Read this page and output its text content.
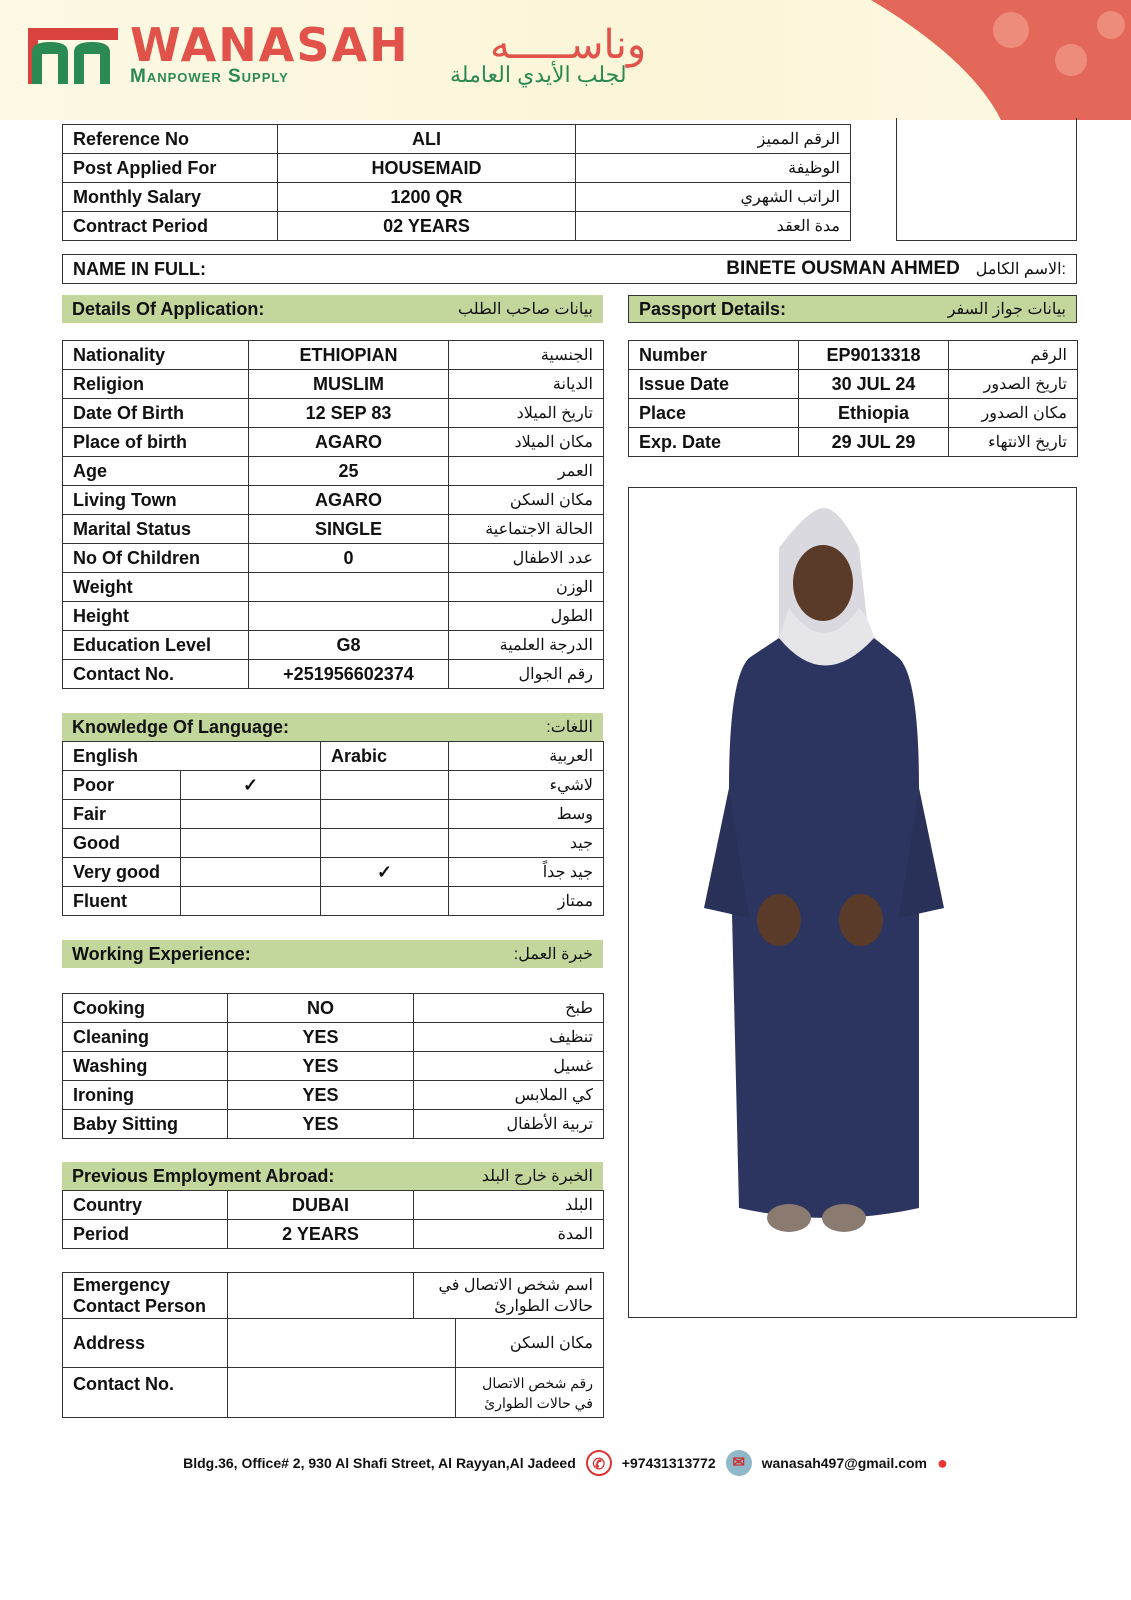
WANASAH وناســـــه
Manpower Supply	لجلب الأيدي العاملة
Reference No	ALI	الرقم المميز
Post Applied For	HOUSEMAID	الوظيفة
Monthly Salary	1200 QR	الراتب الشهري
Contract Period	02 YEARS	مدة العقد
NAME IN FULL:	BINETE OUSMAN AHMED الاسم الكامل:
Details Of Application:	بيانات صاحب الطلب
Nationality	ETHIOPIAN	الجنسية
Religion	MUSLIM	الديانة
Date Of Birth	12 SEP 83	تاريخ الميلاد
Place of birth	AGARO	مكان الميلاد
Age	25	العمر
Living Town	AGARO	مكان السكن
Marital Status	SINGLE	الحالة الاجتماعية
No Of Children	0	عدد الاطفال
Weight		الوزن
Height		الطول
Education Level	G8	الدرجة العلمية
Contact No.	+251956602374	رقم الجوال
Passport Details:	بيانات جواز السفر
Number	EP9013318	الرقم
Issue Date	30 JUL 24	تاريخ الصدور
Place	Ethiopia	مكان الصدور
Exp. Date	29 JUL 29	تاريخ الانتهاء
Knowledge Of Language:	اللغات:
English		Arabic	العربية
Poor	✓		لاشيء
Fair			وسط
Good			جيد
Very good		✓	جيد جداً
Fluent			ممتاز
Working Experience:	خبرة العمل:
Cooking	NO	طبخ
Cleaning	YES	تنظيف
Washing	YES	غسيل
Ironing	YES	كي الملابس
Baby Sitting	YES	تربية الأطفال
Previous Employment Abroad:	الخبرة خارج البلد
Country	DUBAI	البلد
Period	2 YEARS	المدة
Emergency Contact Person		اسم شخص الاتصال في حالات الطوارئ	
Address			مكان السكن
Contact No.			رقم شخص الاتصال في حالات الطوارئ
Bldg.36, Office# 2, 930 Al Shafi Street, Al Rayyan,Al Jadeed	✆	+97431313772	✉	wanasah497@gmail.com ●
